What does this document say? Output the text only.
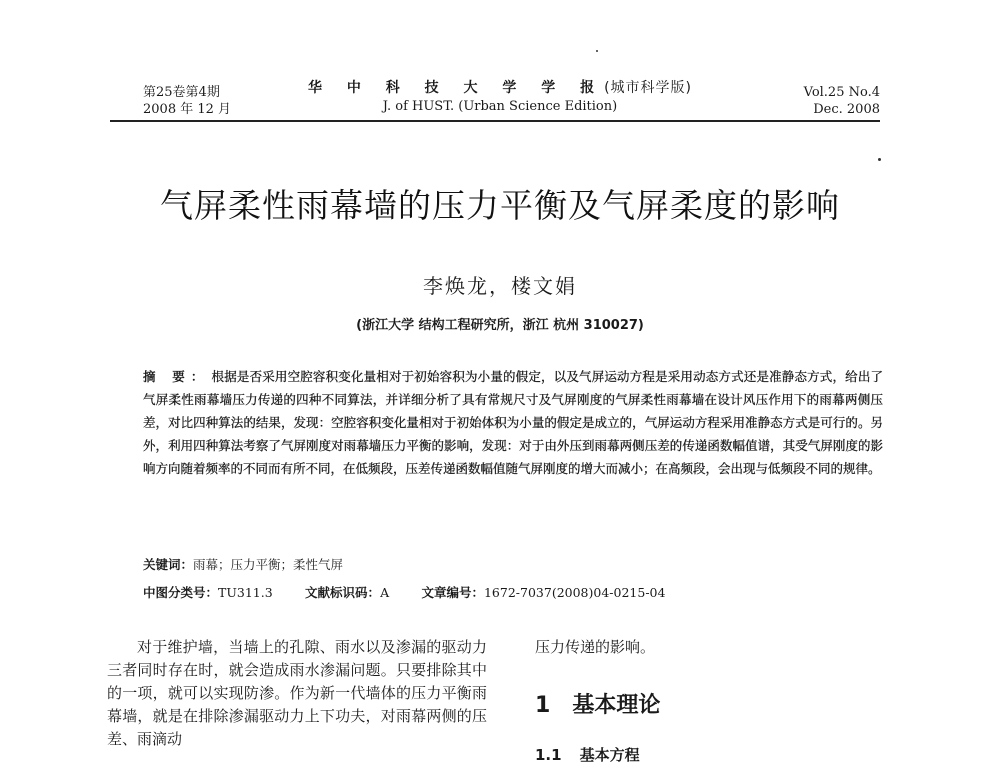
第25卷第4期
2008 年 12 月
华 中 科 技 大 学 学 报(城市科学版)
J. of HUST. (Urban Science Edition)
Vol.25 No.4
Dec. 2008
气屏柔性雨幕墙的压力平衡及气屏柔度的影响
李焕龙，楼文娟
(浙江大学 结构工程研究所，浙江 杭州 310027)
摘 要： 根据是否采用空腔容积变化量相对于初始容积为小量的假定，以及气屏运动方程是采用动态方式还是准静态方式，给出了气屏柔性雨幕墙压力传递的四种不同算法，并详细分析了具有常规尺寸及气屏刚度的气屏柔性雨幕墙在设计风压作用下的雨幕两侧压差，对比四种算法的结果，发现：空腔容积变化量相对于初始体积为小量的假定是成立的，气屏运动方程采用准静态方式是可行的。另外，利用四种算法考察了气屏刚度对雨幕墙压力平衡的影响，发现：对于由外压到雨幕两侧压差的传递函数幅值谱，其受气屏刚度的影响方向随着频率的不同而有所不同，在低频段，压差传递函数幅值随气屏刚度的增大而减小；在高频段，会出现与低频段不同的规律。
关键词：雨幕；压力平衡；柔性气屏
中图分类号：TU311.3	文献标识码：A	文章编号：1672-7037(2008)04-0215-04
对于维护墙，当墙上的孔隙、雨水以及渗漏的驱动力三者同时存在时，就会造成雨水渗漏问题。只要排除其中的一项，就可以实现防渗。作为新一代墙体的压力平衡雨幕墙，就是在排除渗漏驱动力上下功夫，对雨幕两侧的压差、雨滴动
压力传递的影响。
1 基本理论
1.1 基本方程
